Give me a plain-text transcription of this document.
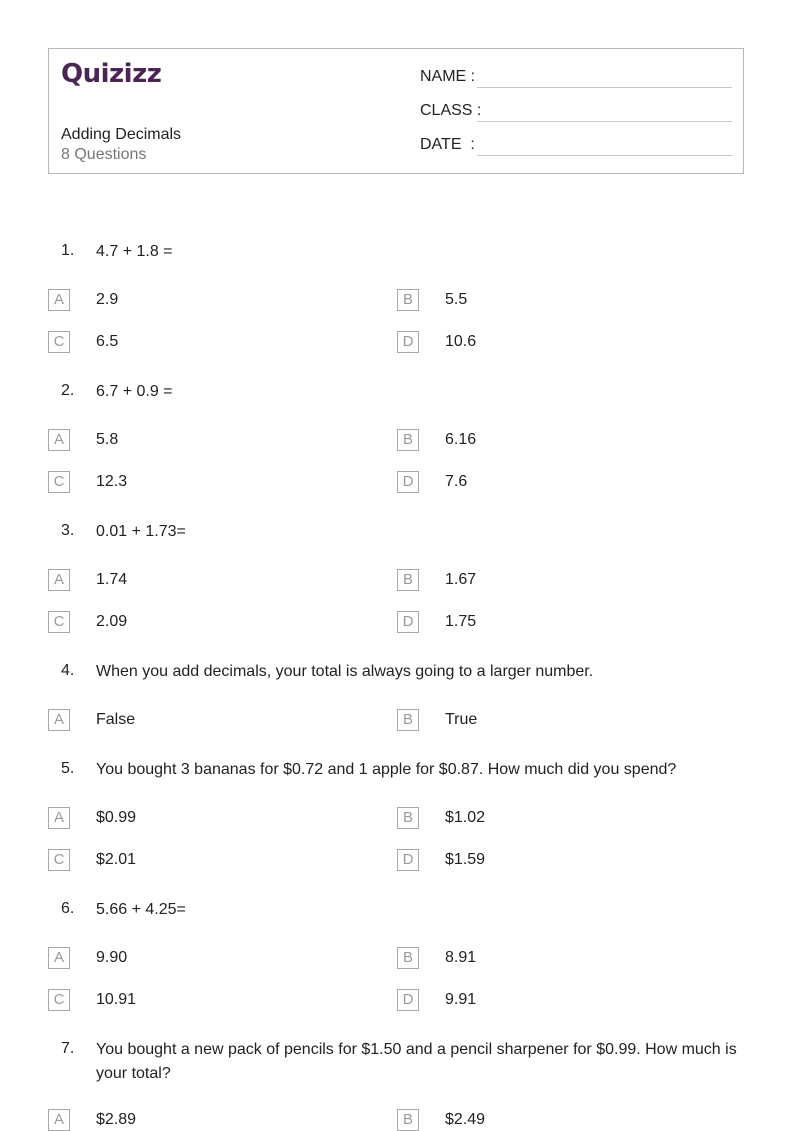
Quizizz
Adding Decimals
8 Questions
NAME :
CLASS :
DATE  :
1. 4.7 + 1.8 =
A	2.9	B	5.5
C	6.5	D	10.6
2. 6.7 + 0.9 =
A	5.8	B	6.16
C	12.3	D	7.6
3. 0.01 + 1.73=
A	1.74	B	1.67
C	2.09	D	1.75
4. When you add decimals, your total is always going to a larger number.
A	False	B	True
5. You bought 3 bananas for $0.72 and 1 apple for $0.87. How much did you spend?
A	$0.99	B	$1.02
C	$2.01	D	$1.59
6. 5.66 + 4.25=
A	9.90	B	8.91
C	10.91	D	9.91
7. You bought a new pack of pencils for $1.50 and a pencil sharpener for $0.99. How much is your total?
A	$2.89	B	$2.49
